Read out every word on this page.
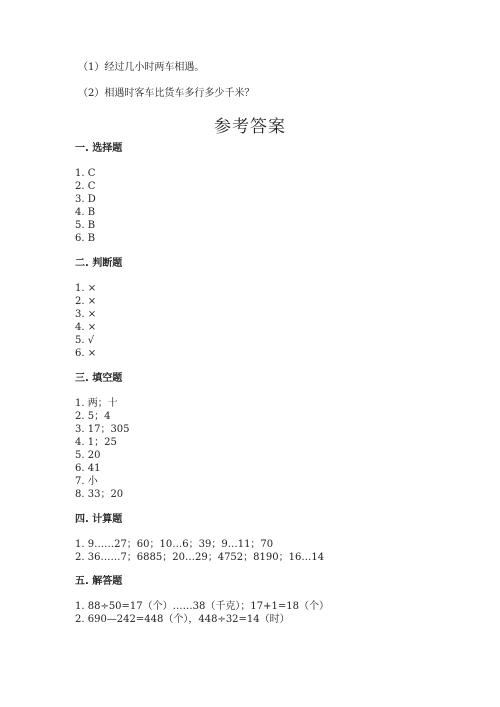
（1）经过几小时两车相遇。
（2）相遇时客车比货车多行多少千米？
参考答案
一. 选择题
1. C
2. C
3. D
4. B
5. B
6. B
二. 判断题
1. ×
2. ×
3. ×
4. ×
5. √
6. ×
三. 填空题
1. 两；十
2. 5；4
3. 17；305
4. 1；25
5. 20
6. 41
7. 小
8. 33；20
四. 计算题
1. 9……27；60；10…6；39；9…11；70
2. 36……7；6885；20…29；4752；8190；16…14
五. 解答题
1. 88÷50=17（个）……38（千克）；17+1=18（个）
2. 690—242=448（个），448÷32=14（时）
